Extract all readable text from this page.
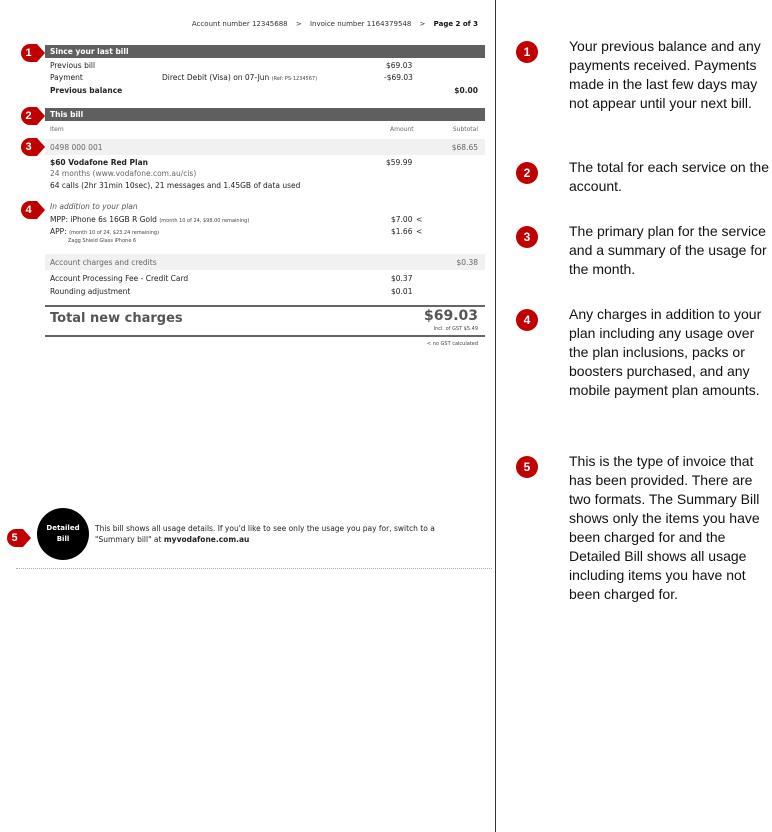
Account number 12345688 > Invoice number 1164379548 > Page 2 of 3
Since your last bill
Previous bill	$69.03
Payment	Direct Debit (Visa) on 07-Jun (Ref: PS-1234567)	-$69.03
Previous balance	$0.00
This bill
Item	Amount	Subtotal
0498 000 001	$68.65
$60 Vodafone Red Plan	$59.99
24 months (www.vodafone.com.au/cis)
64 calls (2hr 31min 10sec), 21 messages and 1.45GB of data used
In addition to your plan
MPP: iPhone 6s 16GB R Gold (month 10 of 24, $98.00 remaining)	$7.00 <
APP: (month 10 of 24, $23.24 remaining)	$1.66 <
Zagg Shield Glass iPhone 6
Account charges and credits	$0.38
Account Processing Fee - Credit Card	$0.37
Rounding adjustment	$0.01
Total new charges	$69.03
Incl. of GST $5.49
< no GST calculated
Detailed
Bill
This bill shows all usage details. If you'd like to see only the usage you pay for, switch to a "Summary bill" at myvodafone.com.au
1
2
3
4
5
1	Your previous balance and any payments received. Payments made in the last few days may not appear until your next bill.
2	The total for each service on the account.
3	The primary plan for the service and a summary of the usage for the month.
4	Any charges in addition to your plan including any usage over the plan inclusions, packs or boosters purchased, and any mobile payment plan amounts.
5	This is the type of invoice that has been provided. There are two formats. The Summary Bill shows only the items you have been charged for and the Detailed Bill shows all usage including items you have not been charged for.
